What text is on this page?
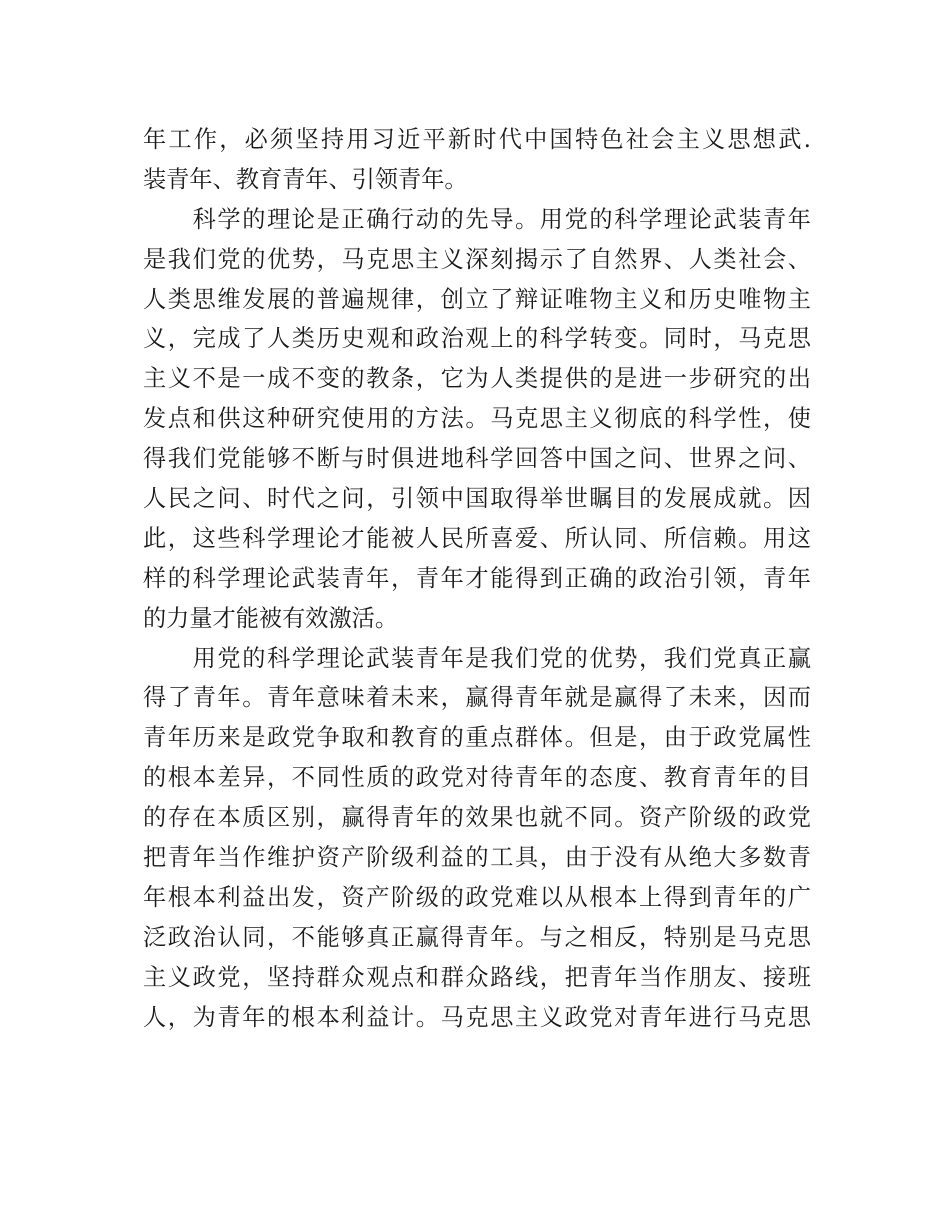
年工作，必须坚持用习近平新时代中国特色社会主义思想武.
装青年、教育青年、引领青年。
　　科学的理论是正确行动的先导。用党的科学理论武装青年
是我们党的优势，马克思主义深刻揭示了自然界、人类社会、
人类思维发展的普遍规律，创立了辩证唯物主义和历史唯物主
义，完成了人类历史观和政治观上的科学转变。同时，马克思
主义不是一成不变的教条，它为人类提供的是进一步研究的出
发点和供这种研究使用的方法。马克思主义彻底的科学性，使
得我们党能够不断与时俱进地科学回答中国之问、世界之问、
人民之问、时代之问，引领中国取得举世瞩目的发展成就。因
此，这些科学理论才能被人民所喜爱、所认同、所信赖。用这
样的科学理论武装青年，青年才能得到正确的政治引领，青年
的力量才能被有效激活。
　　用党的科学理论武装青年是我们党的优势，我们党真正赢
得了青年。青年意味着未来，赢得青年就是赢得了未来，因而
青年历来是政党争取和教育的重点群体。但是，由于政党属性
的根本差异，不同性质的政党对待青年的态度、教育青年的目
的存在本质区别，赢得青年的效果也就不同。资产阶级的政党
把青年当作维护资产阶级利益的工具，由于没有从绝大多数青
年根本利益出发，资产阶级的政党难以从根本上得到青年的广
泛政治认同，不能够真正赢得青年。与之相反，特别是马克思
主义政党，坚持群众观点和群众路线，把青年当作朋友、接班
人，为青年的根本利益计。马克思主义政党对青年进行马克思
